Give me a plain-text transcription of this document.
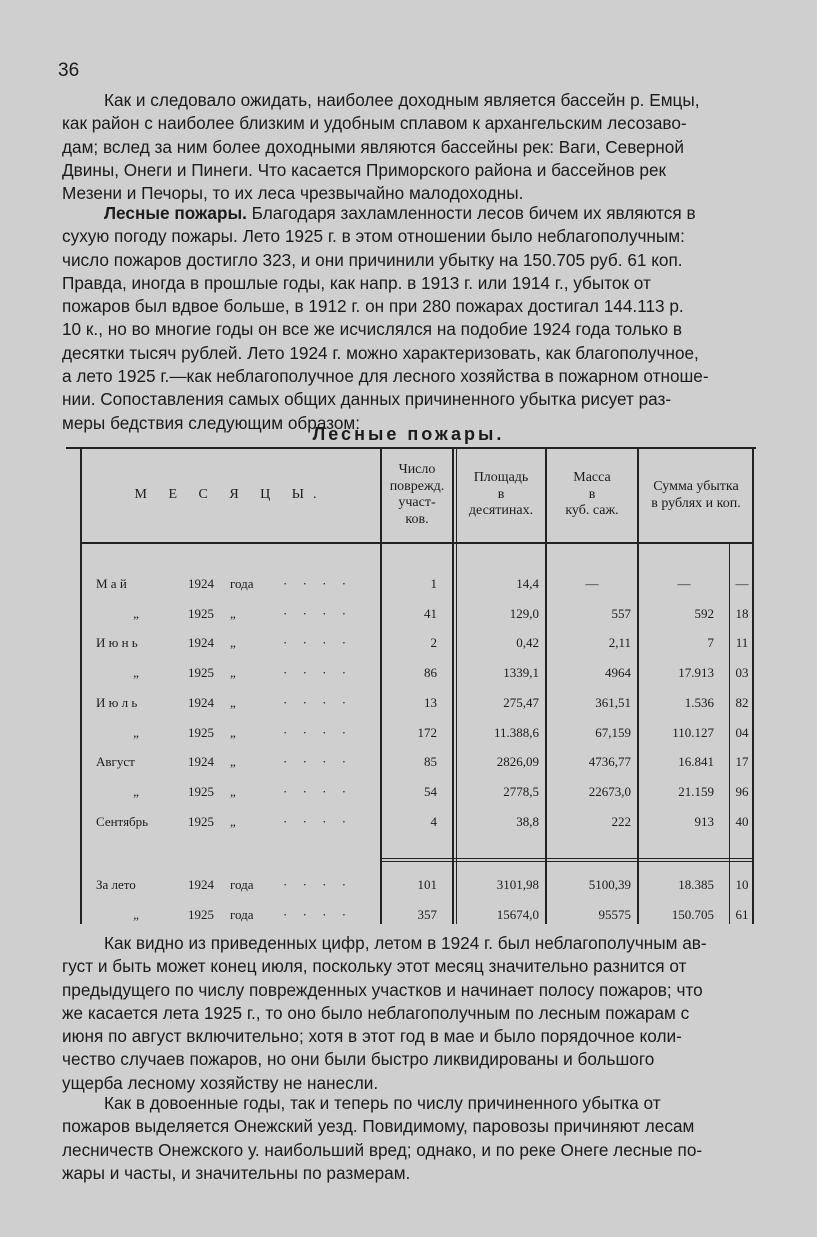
36
Как и следовало ожидать, наиболее доходным является бассейн р. Емцы,
как район с наиболее близким и удобным сплавом к архангельским лесозаво-
дам; вслед за ним более доходными являются бассейны рек: Ваги, Северной
Двины, Онеги и Пинеги. Что касается Приморского района и бассейнов рек
Мезени и Печоры, то их леса чрезвычайно малодоходны.
Лесные пожары. Благодаря захламленности лесов бичем их являются в
сухую погоду пожары. Лето 1925 г. в этом отношении было неблагополучным:
число пожаров достигло 323, и они причинили убытку на 150.705 руб. 61 коп.
Правда, иногда в прошлые годы, как напр. в 1913 г. или 1914 г., убыток от
пожаров был вдвое больше, в 1912 г. он при 280 пожарах достигал 144.113 р.
10 к., но во многие годы он все же исчислялся на подобие 1924 года только в
десятки тысяч рублей. Лето 1924 г. можно характеризовать, как благополучное,
а лето 1925 г.—как неблагополучное для лесного хозяйства в пожарном отноше-
нии. Сопоставления самых общих данных причиненного убытка рисует раз-
меры бедствия следующим образом:
Лесные пожары.
М Е С Я Ц Ы.
Число
поврежд.
участ-
ков.
Площадь
в
десятинах.
Масса
в
куб. саж.
Сумма убытка
в рублях и коп.
М а й	1924 года · · · ·	1	14,4	—	—	—
„	1925 „	· · · ·	41	129,0	557	592	18
И ю н ь	1924 „	· · · ·	2	0,42	2,11	7	11
„	1925 „	· · · ·	86	1339,1	4964	17.913	03
И ю л ь	1924 „	· · · ·	13	275,47	361,51	1.536	82
„	1925 „	· · · ·	172	11.388,6	67,159	110.127	04
Август	1924 „	· · · ·	85	2826,09	4736,77	16.841	17
„	1925 „	· · · ·	54	2778,5	22673,0	21.159	96
Сентябрь	1925 „	· · · ·	4	38,8	222	913	40
За лето	1924 года · · · ·	101	3101,98	5100,39	18.385	10
„	1925 года · · · ·	357	15674,0	95575	150.705	61
Как видно из приведенных цифр, летом в 1924 г. был неблагополучным ав-
густ и быть может конец июля, поскольку этот месяц значительно разнится от
предыдущего по числу поврежденных участков и начинает полосу пожаров; что
же касается лета 1925 г., то оно было неблагополучным по лесным пожарам с
июня по август включительно; хотя в этот год в мае и было порядочное коли-
чество случаев пожаров, но они были быстро ликвидированы и большого
ущерба лесному хозяйству не нанесли.
Как в довоенные годы, так и теперь по числу причиненного убытка от
пожаров выделяется Онежский уезд. Повидимому, паровозы причиняют лесам
лесничеств Онежского у. наибольший вред; однако, и по реке Онеге лесные по-
жары и часты, и значительны по размерам.
